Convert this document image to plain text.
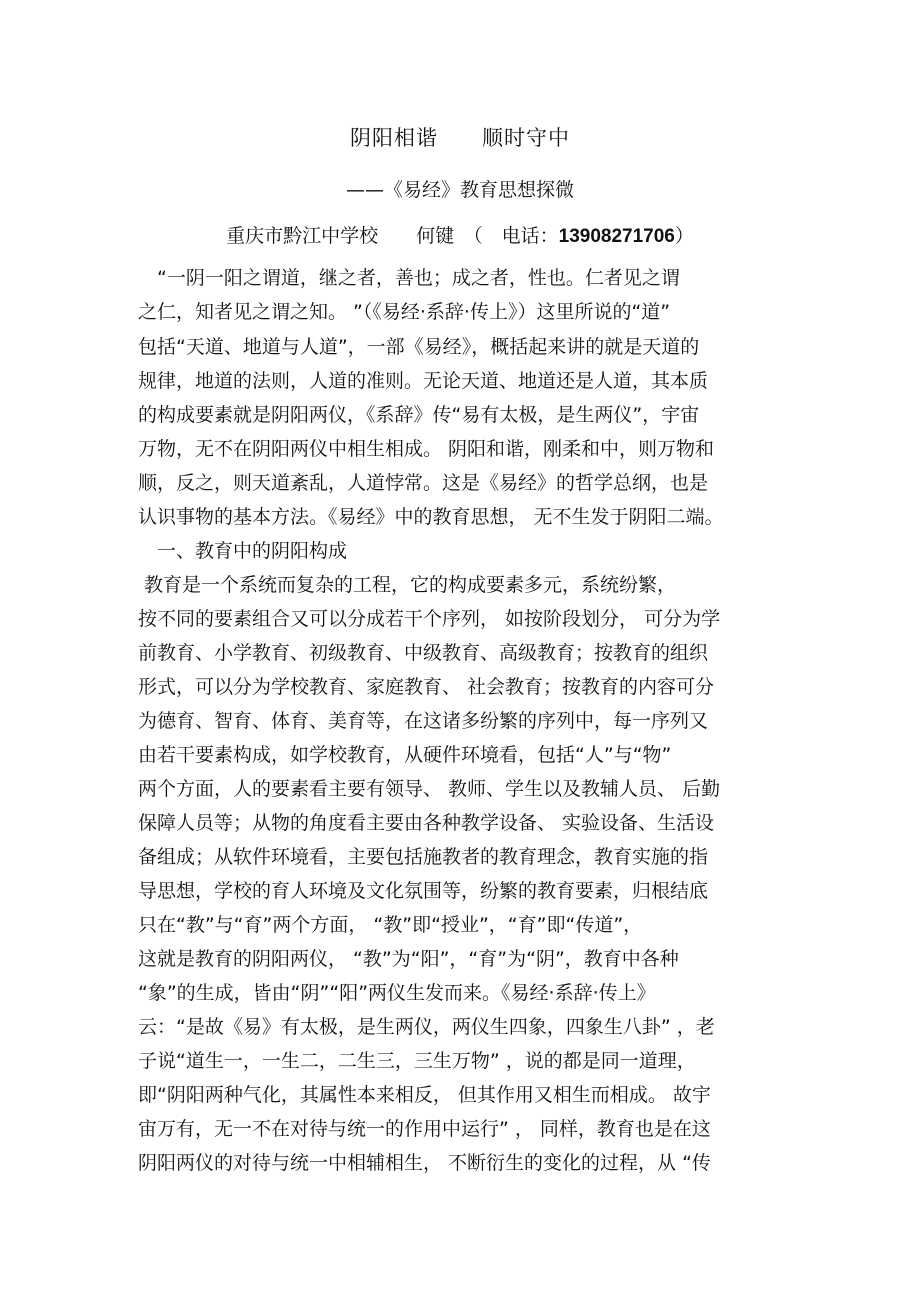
阴阳相谐　　顺时守中
——《易经》教育思想探微
重庆市黔江中学校　　何键　（　电话：13908271706）
　“一阴一阳之谓道，继之者，善也；成之者，性也。仁者见之谓
之仁，知者见之谓之知。 ”（《易经·系辞·传上》）这里所说的“道”
包括“天道、地道与人道”，一部《易经》，概括起来讲的就是天道的
规律，地道的法则，人道的准则。无论天道、地道还是人道，其本质
的构成要素就是阴阳两仪，《系辞》传“易有太极，是生两仪”，宇宙
万物，无不在阴阳两仪中相生相成。 阴阳和谐，刚柔和中，则万物和
顺，反之，则天道紊乱，人道悖常。这是《易经》的哲学总纲，也是
认识事物的基本方法。《易经》中的教育思想， 无不生发于阴阳二端。
　一、教育中的阴阳构成
教育是一个系统而复杂的工程，它的构成要素多元，系统纷繁，
按不同的要素组合又可以分成若干个序列， 如按阶段划分， 可分为学
前教育、小学教育、初级教育、中级教育、高级教育；按教育的组织
形式，可以分为学校教育、家庭教育、 社会教育；按教育的内容可分
为德育、智育、体育、美育等，在这诸多纷繁的序列中，每一序列又
由若干要素构成，如学校教育，从硬件环境看，包括“人”与“物”
两个方面，人的要素看主要有领导、 教师、学生以及教辅人员、 后勤
保障人员等；从物的角度看主要由各种教学设备、 实验设备、生活设
备组成；从软件环境看，主要包括施教者的教育理念，教育实施的指
导思想，学校的育人环境及文化氛围等，纷繁的教育要素，归根结底
只在“教”与“育”两个方面， “教”即“授业”，“育”即“传道”，
这就是教育的阴阳两仪， “教”为“阳”，“育”为“阴”，教育中各种
“象”的生成，皆由“阴”“阳”两仪生发而来。《易经·系辞·传上》
云：“是故《易》有太极，是生两仪，两仪生四象，四象生八卦” ，老
子说“道生一，一生二，二生三，三生万物” ，说的都是同一道理，
即“阴阳两种气化，其属性本来相反， 但其作用又相生而相成。 故宇
宙万有，无一不在对待与统一的作用中运行” ， 同样，教育也是在这
阴阳两仪的对待与统一中相辅相生， 不断衍生的变化的过程，从 “传
